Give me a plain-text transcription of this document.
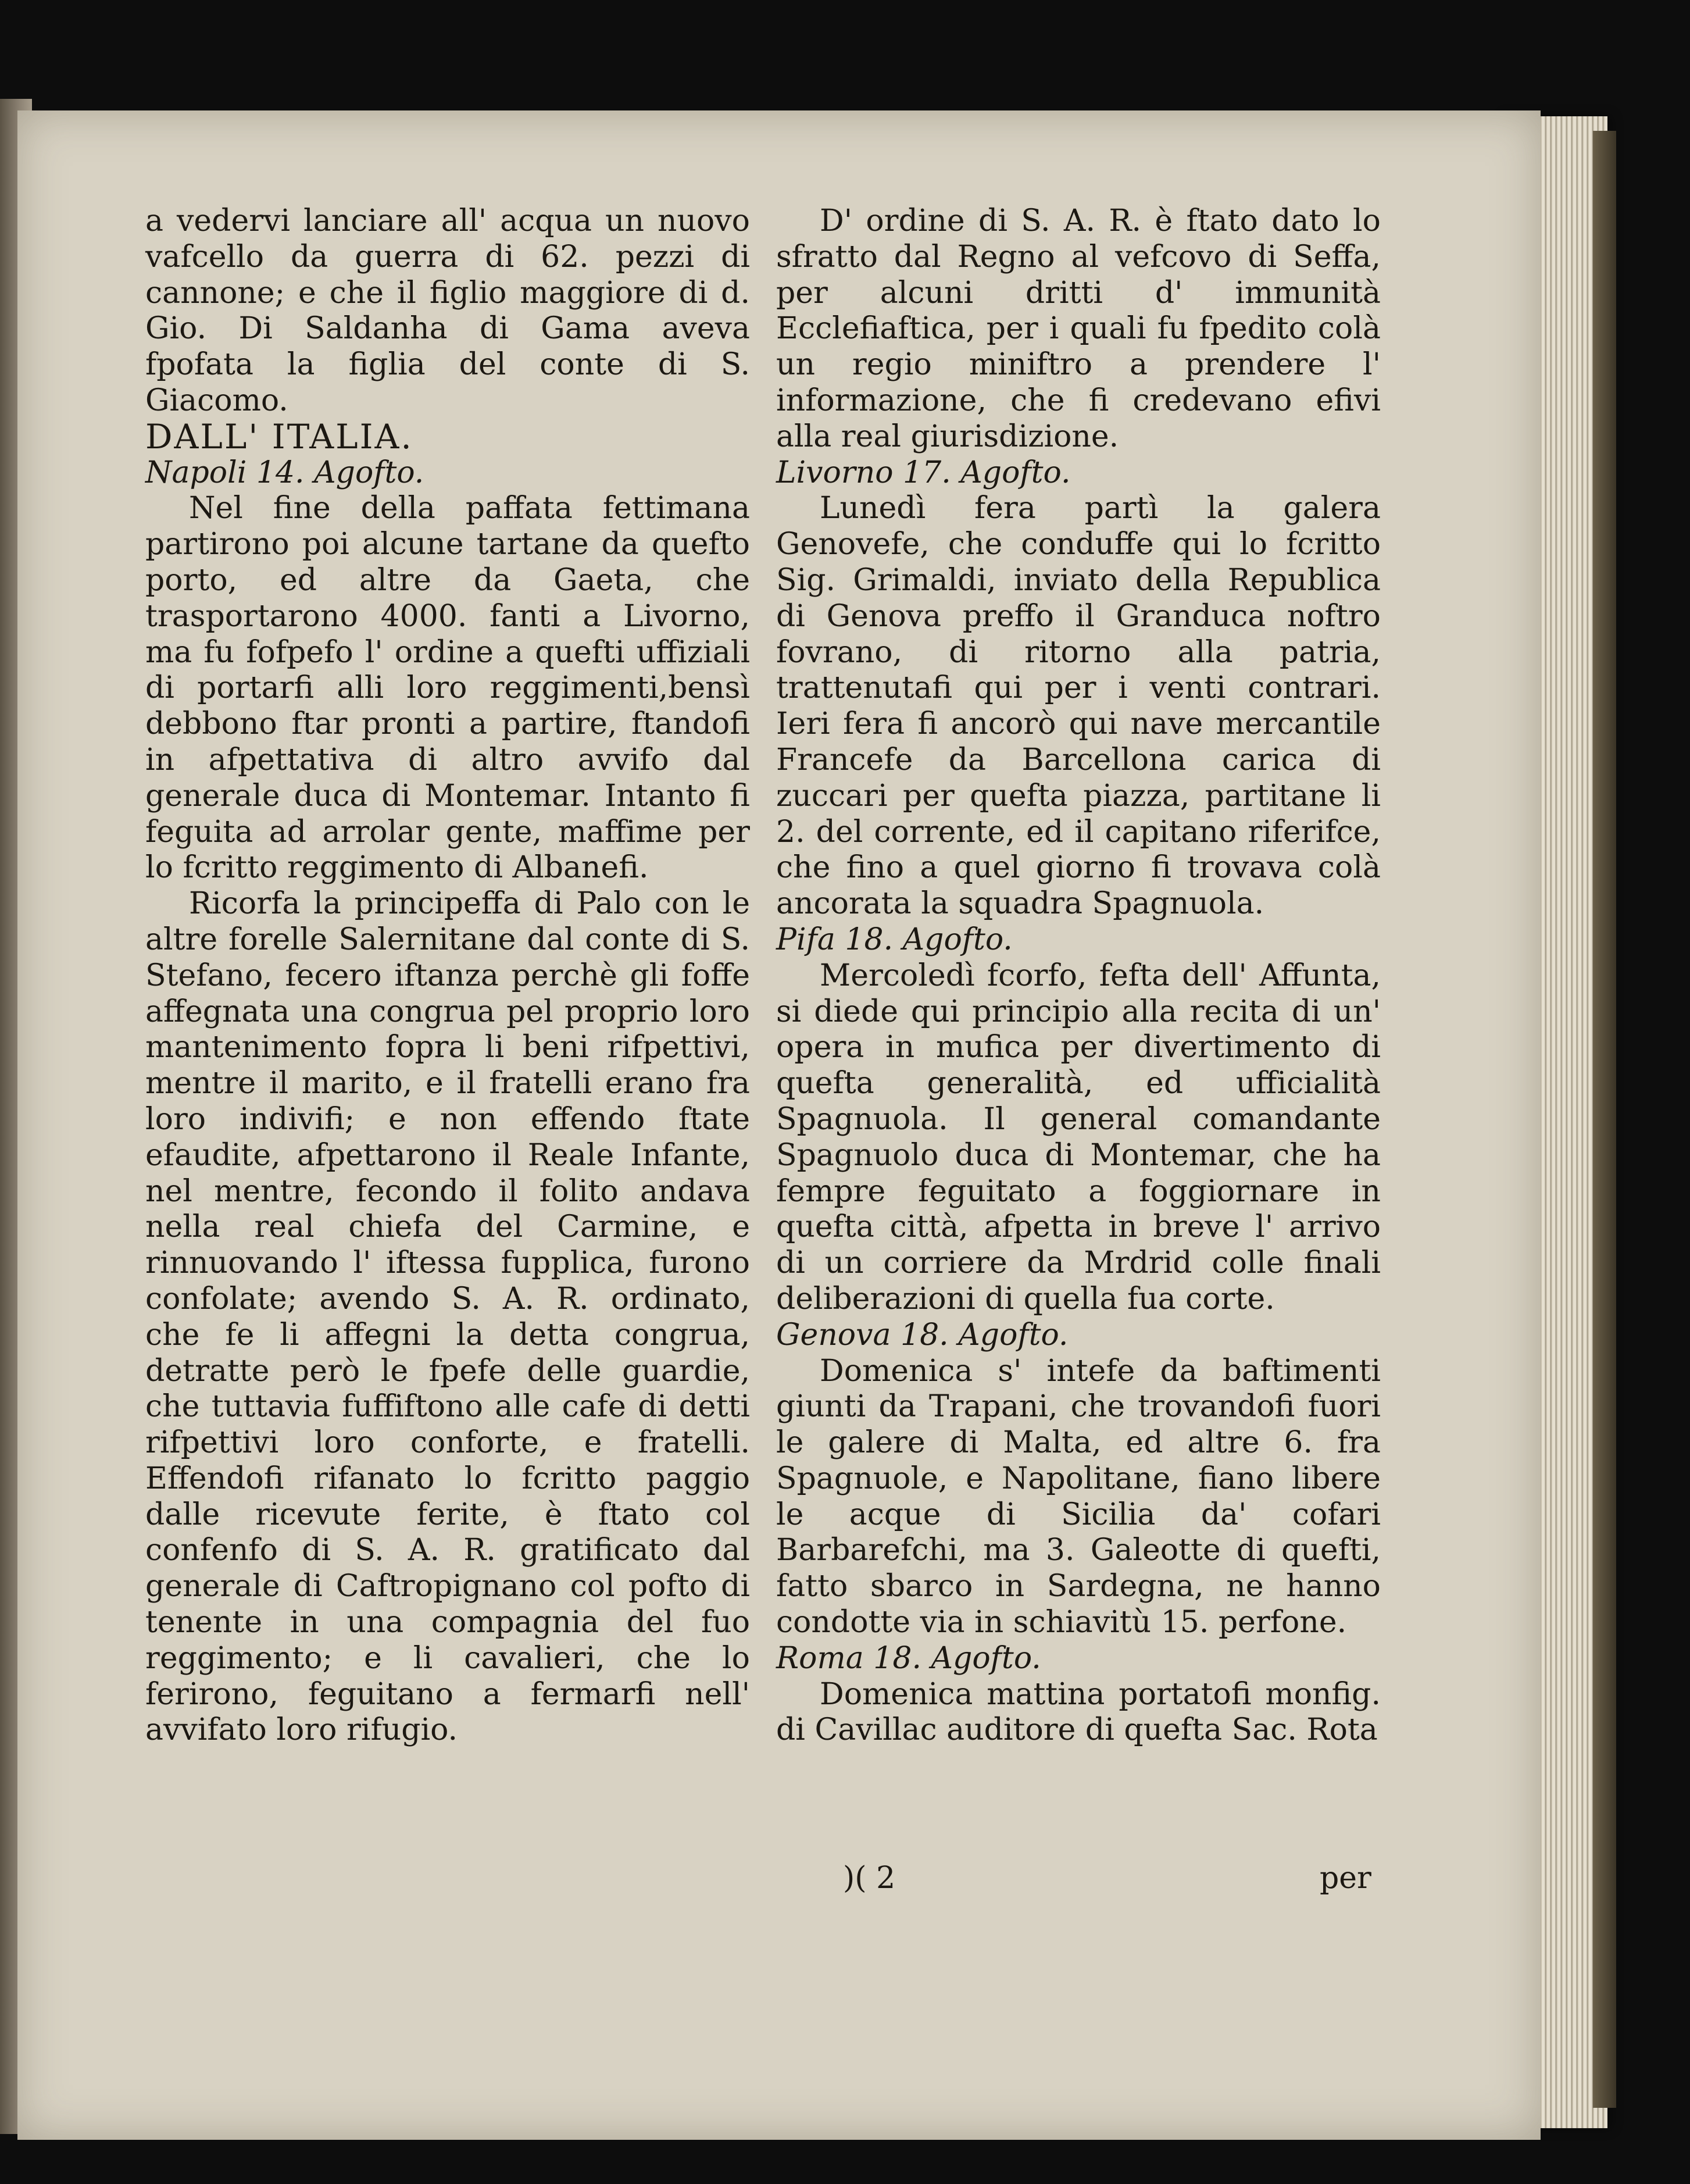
a vedervi lanciare all' acqua un nuovo vafcello da guerra di 62. pezzi di cannone; e che il figlio maggiore di d. Gio. Di Saldanha di Gama aveva fpofata la figlia del conte di S. Giacomo.

DALL' ITALIA.

Napoli 14. Agofto.

Nel fine della paffata fettimana partirono poi alcune tartane da quefto porto, ed altre da Gaeta, che trasportarono 4000. fanti a Livorno, ma fu fofpefo l' ordine a quefti uffiziali di portarfi alli loro reggimenti,bensì debbono ftar pronti a partire, ftandofi in afpettativa di altro avvifo dal generale duca di Montemar. Intanto fi feguita ad arrolar gente, maffime per lo fcritto reggimento di Albanefi.

Ricorfa la principeffa di Palo con le altre forelle Salernitane dal conte di S. Stefano, fecero iftanza perchè gli foffe affegnata una congrua pel proprio loro mantenimento fopra li beni rifpettivi, mentre il marito, e il fratelli erano fra loro indivifi; e non effendo ftate efaudite, afpettarono il Reale Infante, nel mentre, fecondo il folito andava nella real chiefa del Carmine, e rinnuovando l' iftessa fupplica, furono confolate; avendo S. A. R. ordinato, che fe li affegni la detta congrua, detratte però le fpefe delle guardie, che tuttavia fuffiftono alle cafe di detti rifpettivi loro conforte, e fratelli. Effendofi rifanato lo fcritto paggio dalle ricevute ferite, è ftato col confenfo di S. A. R. gratificato dal generale di Caftropignano col pofto di tenente in una compagnia del fuo reggimento; e li cavalieri, che lo ferirono, feguitano a fermarfi nell' avvifato loro rifugio.

D' ordine di S. A. R. è ftato dato lo sfratto dal Regno al vefcovo di Seffa, per alcuni dritti d' immunità Ecclefiaftica, per i quali fu fpedito colà un regio miniftro a prendere l' informazione, che fi credevano efivi alla real giurisdizione.

Livorno 17. Agofto.

Lunedì fera partì la galera Genovefe, che conduffe qui lo fcritto Sig. Grimaldi, inviato della Republica di Genova preffo il Granduca noftro fovrano, di ritorno alla patria, trattenutafi qui per i venti contrari. Ieri fera fi ancorò qui nave mercantile Francefe da Barcellona carica di zuccari per quefta piazza, partitane li 2. del corrente, ed il capitano riferifce, che fino a quel giorno fi trovava colà ancorata la squadra Spagnuola.

Pifa 18. Agofto.

Mercoledì fcorfo, fefta dell' Affunta, si diede qui principio alla recita di un' opera in mufica per divertimento di quefta generalità, ed ufficialità Spagnuola. Il general comandante Spagnuolo duca di Montemar, che ha fempre feguitato a foggiornare in quefta città, afpetta in breve l' arrivo di un corriere da Mrdrid colle finali deliberazioni di quella fua corte.

Genova 18. Agofto.

Domenica s' intefe da baftimenti giunti da Trapani, che trovandofi fuori le galere di Malta, ed altre 6. fra Spagnuole, e Napolitane, fiano libere le acque di Sicilia da' cofari Barbarefchi, ma 3. Galeotte di quefti, fatto sbarco in Sardegna, ne hanno condotte via in schiavitù 15. perfone.

Roma 18. Agofto.

Domenica mattina portatofi monfig. di Cavillac auditore di quefta Sac. Rota

)( 2	per
